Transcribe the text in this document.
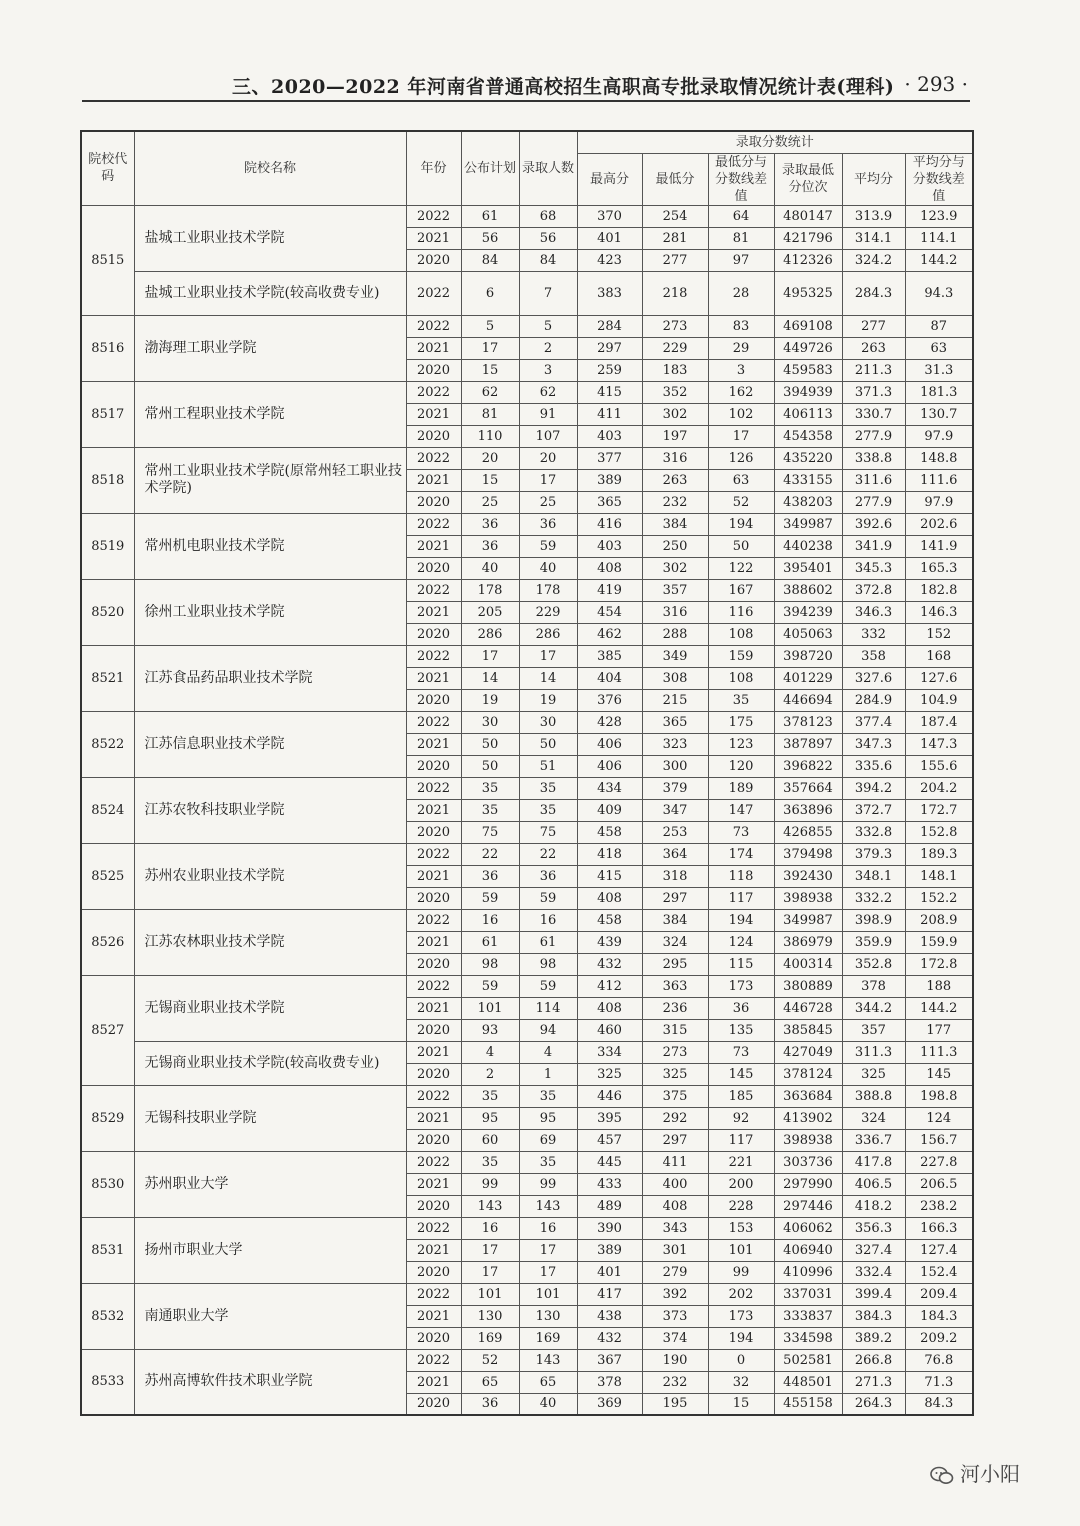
三、2020—2022 年河南省普通高校招生高职高专批录取情况统计表(理科) · 293 ·
院校代码	院校名称	年份	公布计划	录取人数	录取分数统计					
					最高分	最低分	最低分与分数线差值	录取最低分位次	平均分	平均分与分数线差值
8515	盐城工业职业技术学院	2022	61	68	370	254	64	480147	313.9	123.9
		2021	56	56	401	281	81	421796	314.1	114.1
		2020	84	84	423	277	97	412326	324.2	144.2
	盐城工业职业技术学院(较高收费专业)	2022	6	7	383	218	28	495325	284.3	94.3
8516	渤海理工职业学院	2022	5	5	284	273	83	469108	277	87
		2021	17	2	297	229	29	449726	263	63
		2020	15	3	259	183	3	459583	211.3	31.3
8517	常州工程职业技术学院	2022	62	62	415	352	162	394939	371.3	181.3
		2021	81	91	411	302	102	406113	330.7	130.7
		2020	110	107	403	197	17	454358	277.9	97.9
8518	常州工业职业技术学院(原常州轻工职业技术学院)	2022	20	20	377	316	126	435220	338.8	148.8
		2021	15	17	389	263	63	433155	311.6	111.6
		2020	25	25	365	232	52	438203	277.9	97.9
8519	常州机电职业技术学院	2022	36	36	416	384	194	349987	392.6	202.6
		2021	36	59	403	250	50	440238	341.9	141.9
		2020	40	40	408	302	122	395401	345.3	165.3
8520	徐州工业职业技术学院	2022	178	178	419	357	167	388602	372.8	182.8
		2021	205	229	454	316	116	394239	346.3	146.3
		2020	286	286	462	288	108	405063	332	152
8521	江苏食品药品职业技术学院	2022	17	17	385	349	159	398720	358	168
		2021	14	14	404	308	108	401229	327.6	127.6
		2020	19	19	376	215	35	446694	284.9	104.9
8522	江苏信息职业技术学院	2022	30	30	428	365	175	378123	377.4	187.4
		2021	50	50	406	323	123	387897	347.3	147.3
		2020	50	51	406	300	120	396822	335.6	155.6
8524	江苏农牧科技职业学院	2022	35	35	434	379	189	357664	394.2	204.2
		2021	35	35	409	347	147	363896	372.7	172.7
		2020	75	75	458	253	73	426855	332.8	152.8
8525	苏州农业职业技术学院	2022	22	22	418	364	174	379498	379.3	189.3
		2021	36	36	415	318	118	392430	348.1	148.1
		2020	59	59	408	297	117	398938	332.2	152.2
8526	江苏农林职业技术学院	2022	16	16	458	384	194	349987	398.9	208.9
		2021	61	61	439	324	124	386979	359.9	159.9
		2020	98	98	432	295	115	400314	352.8	172.8
8527	无锡商业职业技术学院	2022	59	59	412	363	173	380889	378	188
		2021	101	114	408	236	36	446728	344.2	144.2
		2020	93	94	460	315	135	385845	357	177
	无锡商业职业技术学院(较高收费专业)	2021	4	4	334	273	73	427049	311.3	111.3
		2020	2	1	325	325	145	378124	325	145
8529	无锡科技职业学院	2022	35	35	446	375	185	363684	388.8	198.8
		2021	95	95	395	292	92	413902	324	124
		2020	60	69	457	297	117	398938	336.7	156.7
8530	苏州职业大学	2022	35	35	445	411	221	303736	417.8	227.8
		2021	99	99	433	400	200	297990	406.5	206.5
		2020	143	143	489	408	228	297446	418.2	238.2
8531	扬州市职业大学	2022	16	16	390	343	153	406062	356.3	166.3
		2021	17	17	389	301	101	406940	327.4	127.4
		2020	17	17	401	279	99	410996	332.4	152.4
8532	南通职业大学	2022	101	101	417	392	202	337031	399.4	209.4
		2021	130	130	438	373	173	333837	384.3	184.3
		2020	169	169	432	374	194	334598	389.2	209.2
8533	苏州高博软件技术职业学院	2022	52	143	367	190	0	502581	266.8	76.8
		2021	65	65	378	232	32	448501	271.3	71.3
		2020	36	40	369	195	15	455158	264.3	84.3
河小阳
